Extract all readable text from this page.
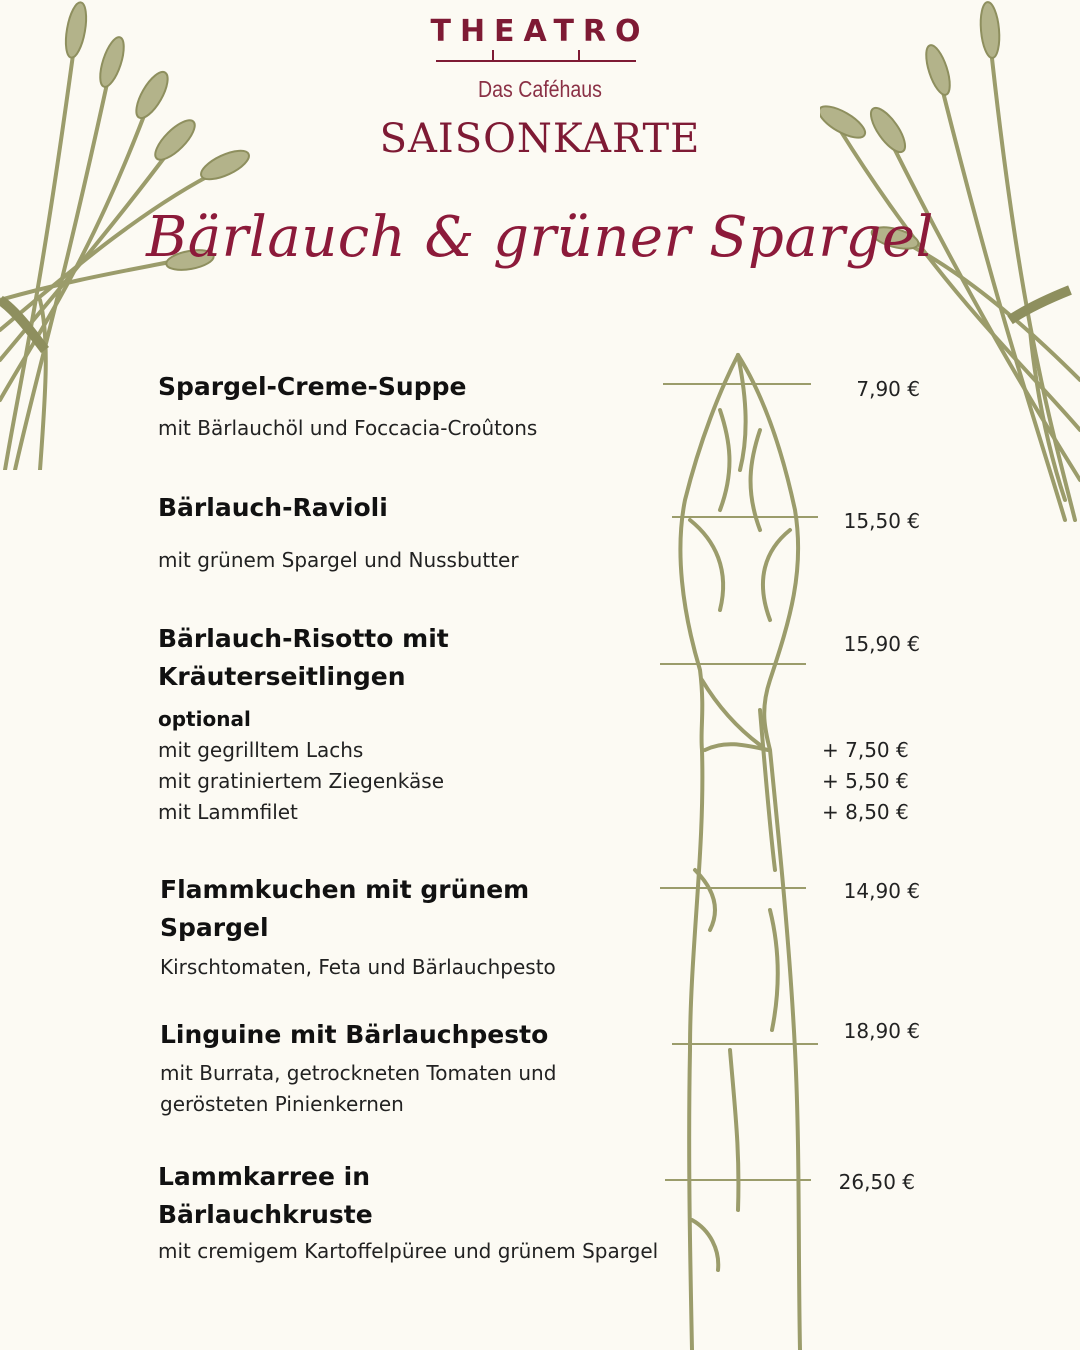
THEATRO
Das Caféhaus
SAISONKARTE
Bärlauch & grüner Spargel
Spargel-Creme-Suppe
mit Bärlauchöl und Foccacia-Croûtons
7,90 €
Bärlauch-Ravioli
mit grünem Spargel und Nussbutter
15,50 €
Bärlauch-Risotto mit
Kräuterseitlingen
15,90 €
optional
mit gegrilltem Lachs	+ 7,50 €
mit gratiniertem Ziegenkäse	+ 5,50 €
mit Lammfilet	+ 8,50 €
Flammkuchen mit grünem
Spargel
Kirschtomaten, Feta und Bärlauchpesto
14,90 €
Linguine mit Bärlauchpesto
mit Burrata, getrockneten Tomaten und
gerösteten Pinienkernen
18,90 €
Lammkarree in
Bärlauchkruste
mit cremigem Kartoffelpüree und grünem Spargel
26,50 €
